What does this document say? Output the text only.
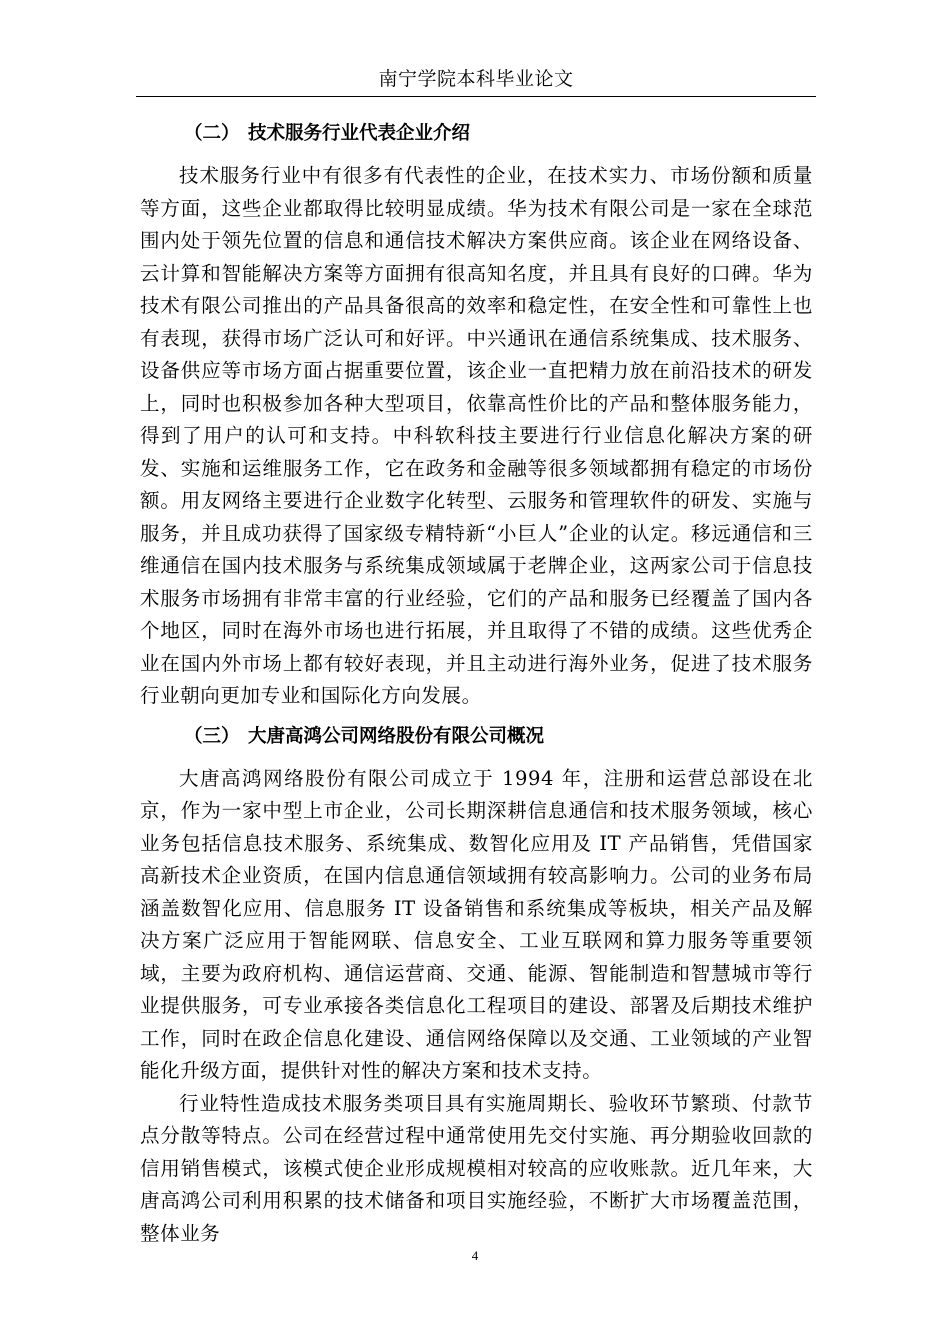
南宁学院本科毕业论文
（二） 技术服务行业代表企业介绍

技术服务行业中有很多有代表性的企业，在技术实力、市场份额和质量等方面，这些企业都取得比较明显成绩。华为技术有限公司是一家在全球范围内处于领先位置的信息和通信技术解决方案供应商。该企业在网络设备、云计算和智能解决方案等方面拥有很高知名度，并且具有良好的口碑。华为技术有限公司推出的产品具备很高的效率和稳定性，在安全性和可靠性上也有表现，获得市场广泛认可和好评。中兴通讯在通信系统集成、技术服务、设备供应等市场方面占据重要位置，该企业一直把精力放在前沿技术的研发上，同时也积极参加各种大型项目，依靠高性价比的产品和整体服务能力，得到了用户的认可和支持。中科软科技主要进行行业信息化解决方案的研发、实施和运维服务工作，它在政务和金融等很多领域都拥有稳定的市场份额。用友网络主要进行企业数字化转型、云服务和管理软件的研发、实施与服务，并且成功获得了国家级专精特新“小巨人”企业的认定。移远通信和三维通信在国内技术服务与系统集成领域属于老牌企业，这两家公司于信息技术服务市场拥有非常丰富的行业经验，它们的产品和服务已经覆盖了国内各个地区，同时在海外市场也进行拓展，并且取得了不错的成绩。这些优秀企业在国内外市场上都有较好表现，并且主动进行海外业务，促进了技术服务行业朝向更加专业和国际化方向发展。

（三） 大唐高鸿公司网络股份有限公司概况

大唐高鸿网络股份有限公司成立于 1994 年，注册和运营总部设在北京，作为一家中型上市企业，公司长期深耕信息通信和技术服务领域，核心业务包括信息技术服务、系统集成、数智化应用及 IT 产品销售，凭借国家高新技术企业资质，在国内信息通信领域拥有较高影响力。公司的业务布局涵盖数智化应用、信息服务 IT 设备销售和系统集成等板块，相关产品及解决方案广泛应用于智能网联、信息安全、工业互联网和算力服务等重要领域，主要为政府机构、通信运营商、交通、能源、智能制造和智慧城市等行业提供服务，可专业承接各类信息化工程项目的建设、部署及后期技术维护工作，同时在政企信息化建设、通信网络保障以及交通、工业领域的产业智能化升级方面，提供针对性的解决方案和技术支持。

行业特性造成技术服务类项目具有实施周期长、验收环节繁琐、付款节点分散等特点。公司在经营过程中通常使用先交付实施、再分期验收回款的信用销售模式，该模式使企业形成规模相对较高的应收账款。近几年来，大唐高鸿公司利用积累的技术储备和项目实施经验，不断扩大市场覆盖范围，整体业务

4
